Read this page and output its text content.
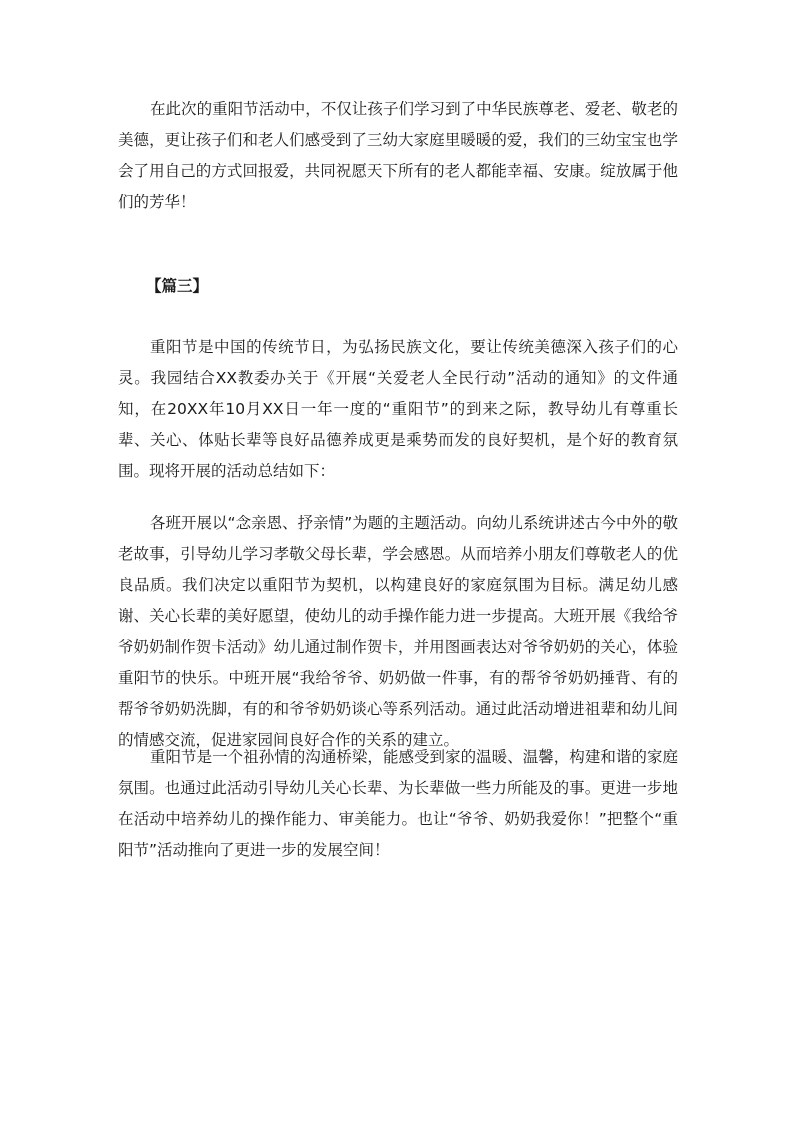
在此次的重阳节活动中，不仅让孩子们学习到了中华民族尊老、爱老、敬老的美德，更让孩子们和老人们感受到了三幼大家庭里暖暖的爱，我们的三幼宝宝也学会了用自己的方式回报爱，共同祝愿天下所有的老人都能幸福、安康。绽放属于他们的芳华！

【篇三】

重阳节是中国的传统节日，为弘扬民族文化，要让传统美德深入孩子们的心灵。我园结合XX教委办关于《开展“关爱老人全民行动”活动的通知》的文件通知，在20XX年10月XX日一年一度的“重阳节”的到来之际，教导幼儿有尊重长辈、关心、体贴长辈等良好品德养成更是乘势而发的良好契机，是个好的教育氛围。现将开展的活动总结如下：

各班开展以“念亲恩、抒亲情”为题的主题活动。向幼儿系统讲述古今中外的敬老故事，引导幼儿学习孝敬父母长辈，学会感恩。从而培养小朋友们尊敬老人的优良品质。我们决定以重阳节为契机，以构建良好的家庭氛围为目标。满足幼儿感谢、关心长辈的美好愿望，使幼儿的动手操作能力进一步提高。大班开展《我给爷爷奶奶制作贺卡活动》幼儿通过制作贺卡，并用图画表达对爷爷奶奶的关心，体验重阳节的快乐。中班开展“我给爷爷、奶奶做一件事，有的帮爷爷奶奶捶背、有的帮爷爷奶奶洗脚，有的和爷爷奶奶谈心等系列活动。通过此活动增进祖辈和幼儿间的情感交流，促进家园间良好合作的关系的建立。

重阳节是一个祖孙情的沟通桥梁，能感受到家的温暖、温馨，构建和谐的家庭氛围。也通过此活动引导幼儿关心长辈、为长辈做一些力所能及的事。更进一步地在活动中培养幼儿的操作能力、审美能力。也让“爷爷、奶奶我爱你！”把整个“重阳节”活动推向了更进一步的发展空间！
